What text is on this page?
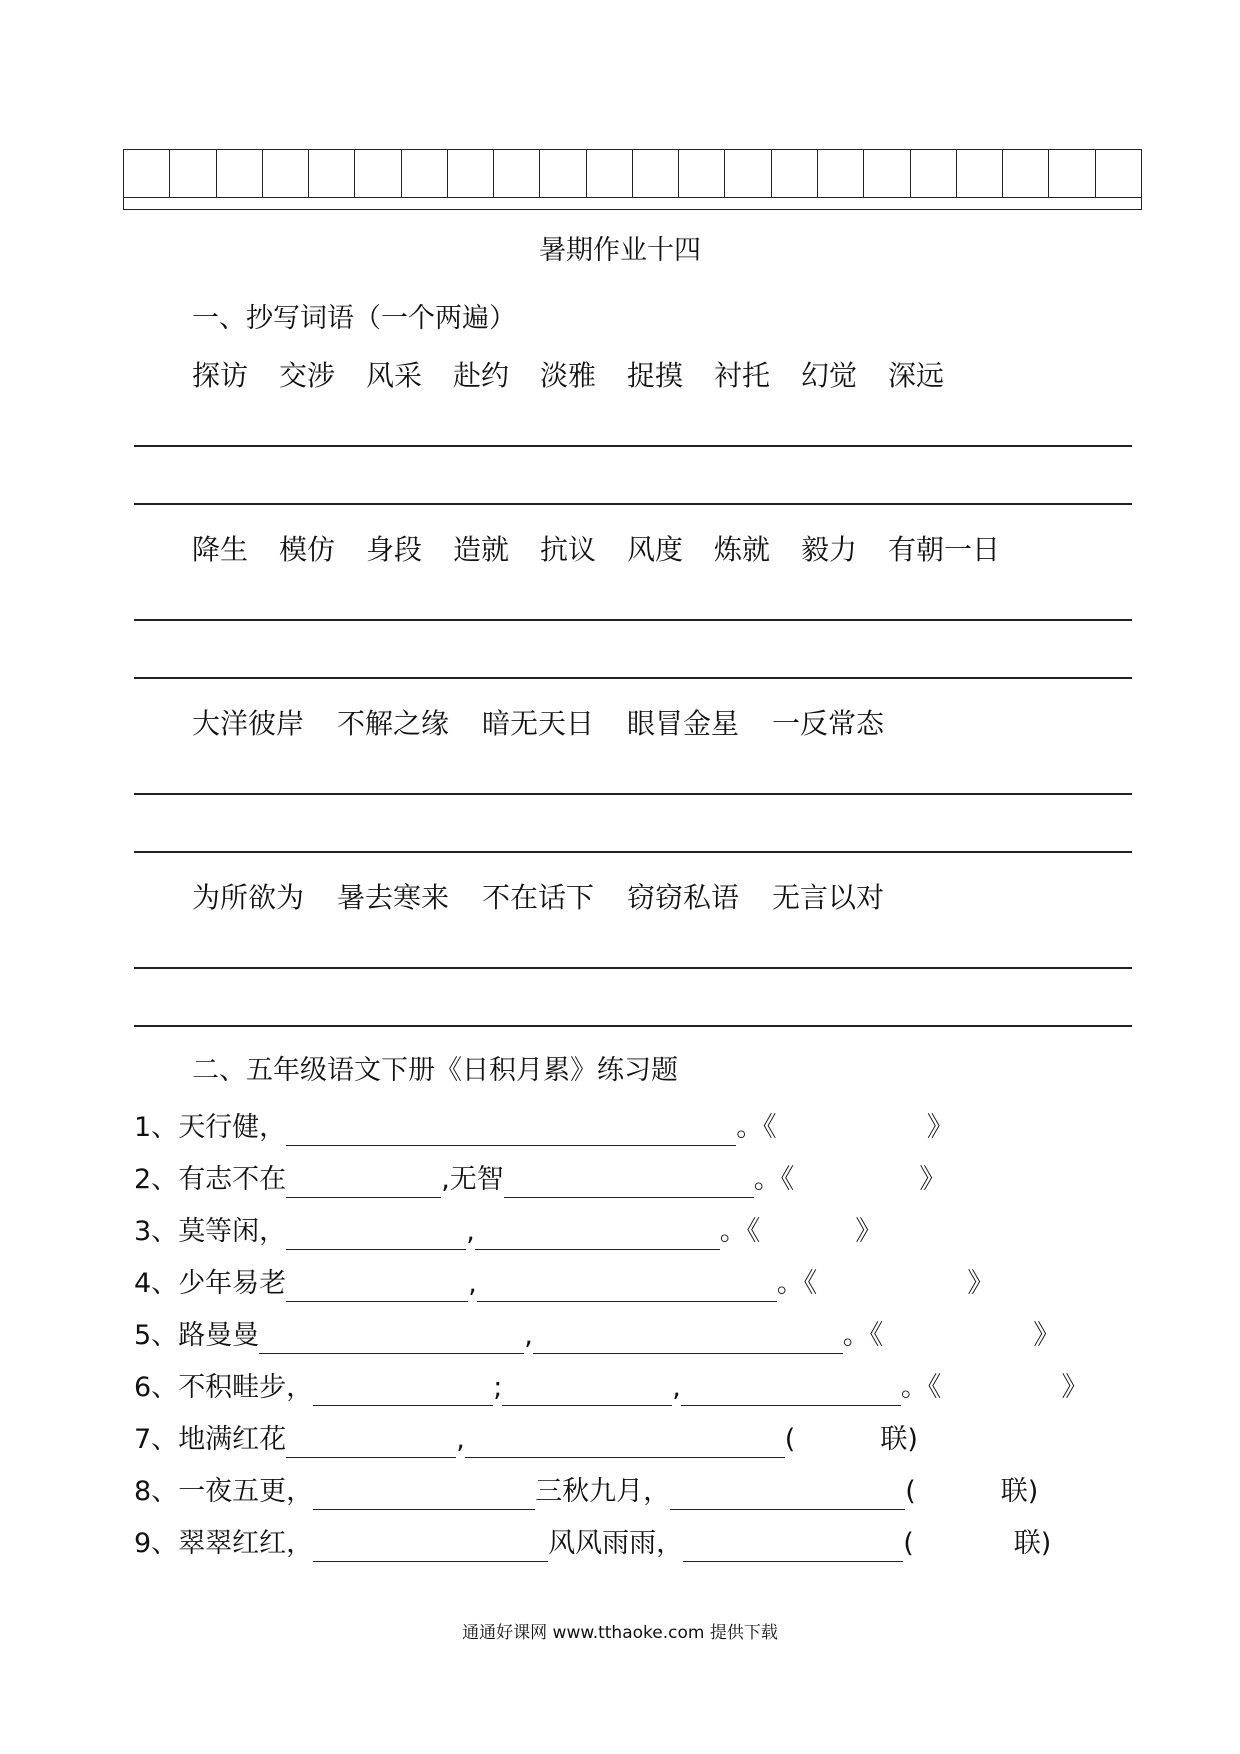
暑期作业十四
一、抄写词语（一个两遍）
探访	交涉	风采	赴约	淡雅	捉摸	衬托	幻觉	深远
降生	模仿	身段	造就	抗议	风度	炼就	毅力	有朝一日
大洋彼岸	不解之缘	暗无天日	眼冒金星	一反常态
为所欲为	暑去寒来	不在话下	窃窃私语	无言以对
二、五年级语文下册《日积月累》练习题
1、天行健，	。《	》
2、有志不在	,无智	。《	》
3、莫等闲，	,	。《	》
4、少年易老	,	。《	》
5、路曼曼	,	。《	》
6、不积畦步，	;	,	。《	》
7、地满红花	,	(	联)
8、一夜五更，	三秋九月，	(	联)
9、翠翠红红，	风风雨雨，	(	联)
通通好课网 www.tthaoke.com 提供下载
